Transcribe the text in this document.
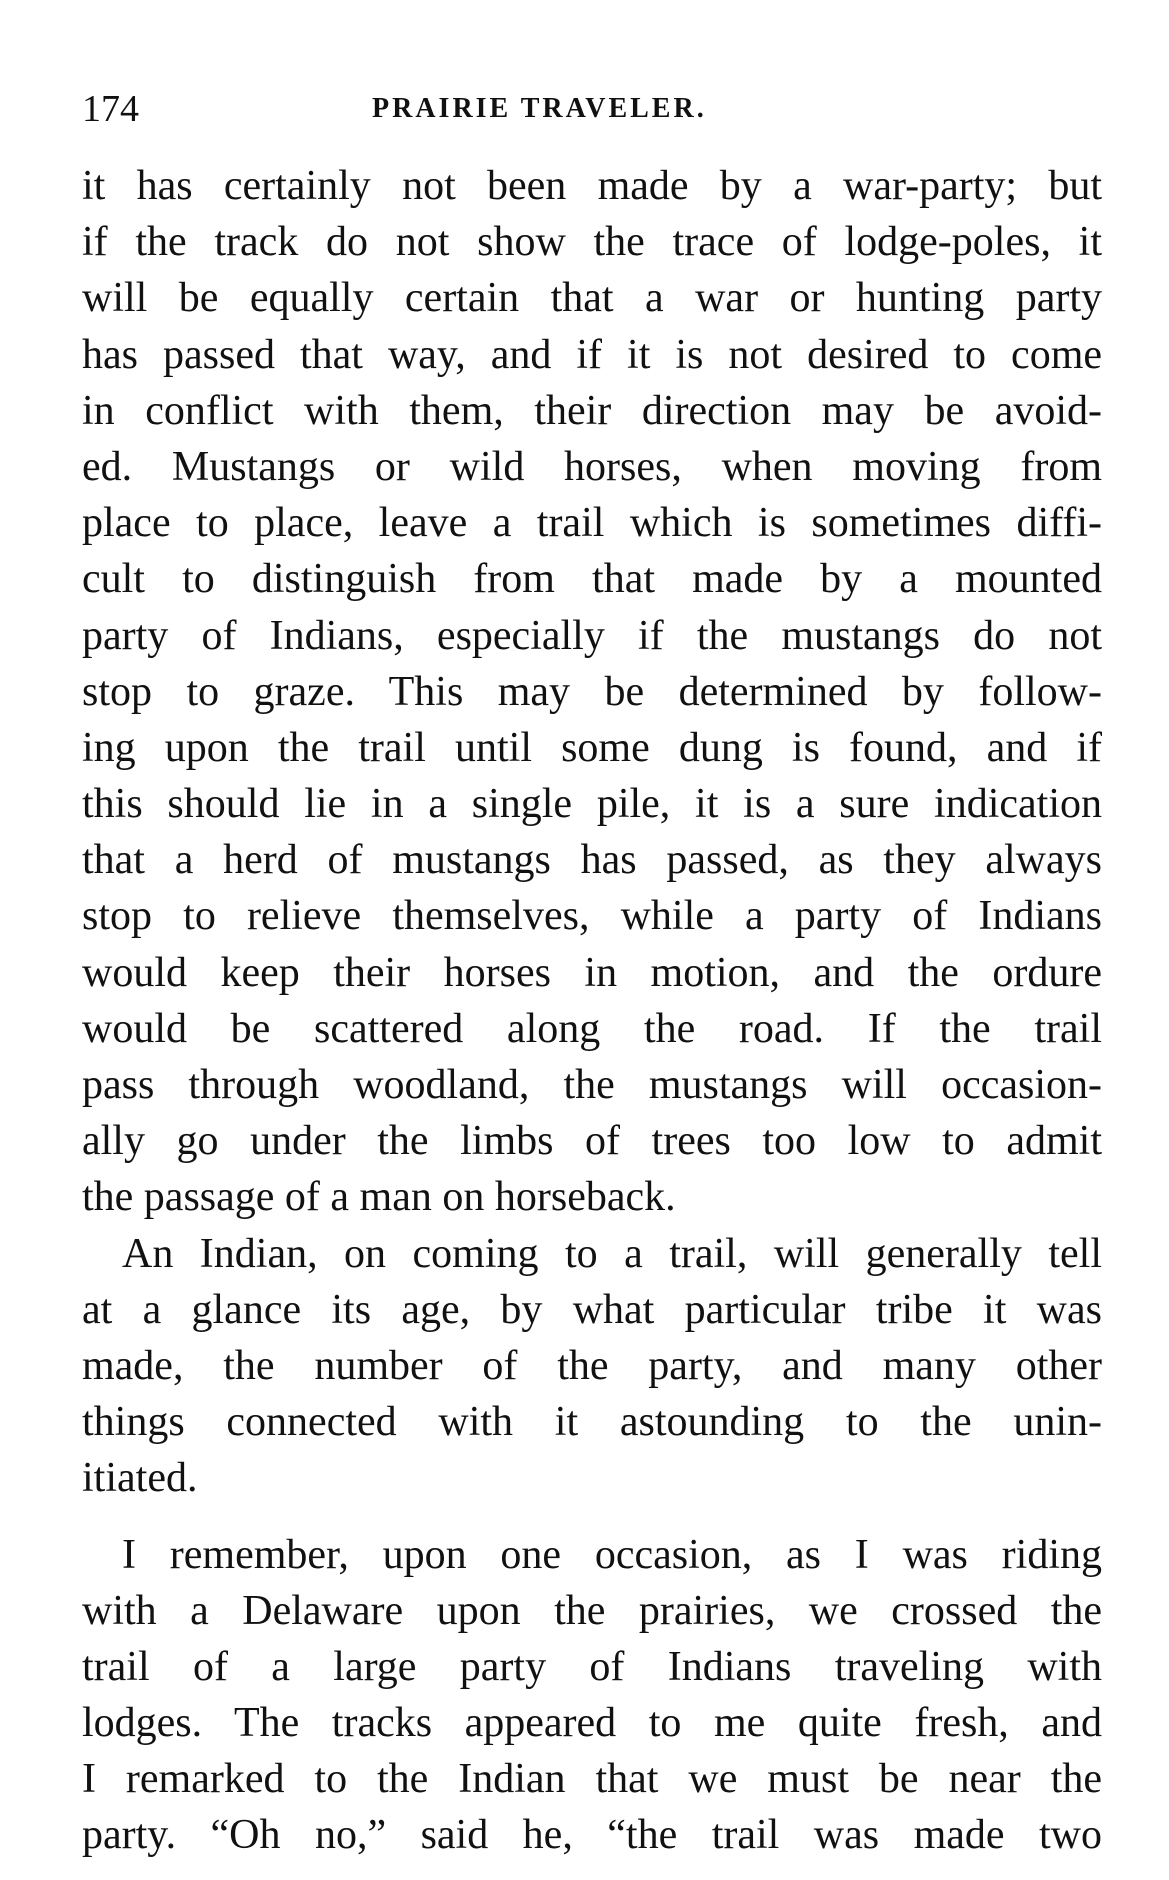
174	PRAIRIE TRAVELER.
it has certainly not been made by a war-party; but
if the track do not show the trace of lodge-poles, it
will be equally certain that a war or hunting party
has passed that way, and if it is not desired to come
in conflict with them, their direction may be avoid-
ed. Mustangs or wild horses, when moving from
place to place, leave a trail which is sometimes diffi-
cult to distinguish from that made by a mounted
party of Indians, especially if the mustangs do not
stop to graze. This may be determined by follow-
ing upon the trail until some dung is found, and if
this should lie in a single pile, it is a sure indication
that a herd of mustangs has passed, as they always
stop to relieve themselves, while a party of Indians
would keep their horses in motion, and the ordure
would be scattered along the road. If the trail
pass through woodland, the mustangs will occasion-
ally go under the limbs of trees too low to admit
the passage of a man on horseback.
An Indian, on coming to a trail, will generally tell
at a glance its age, by what particular tribe it was
made, the number of the party, and many other
things connected with it astounding to the unin-
itiated.
I remember, upon one occasion, as I was riding
with a Delaware upon the prairies, we crossed the
trail of a large party of Indians traveling with
lodges. The tracks appeared to me quite fresh, and
I remarked to the Indian that we must be near the
party. “Oh no,” said he, “the trail was made two
